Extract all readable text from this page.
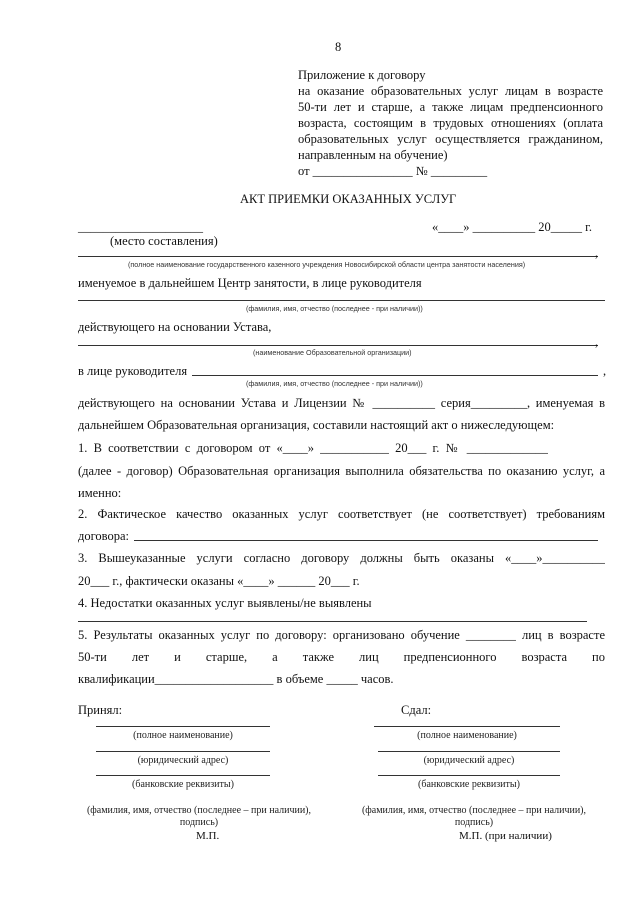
8
Приложение к договору
на оказание образовательных услуг лицам в возрасте
50-ти лет и старше, а также лицам предпенсионного
возраста, состоящим в трудовых отношениях (оплата
образовательных услуг осуществляется гражданином,
направленным на обучение)
от ________________ № _________
АКТ ПРИЕМКИ ОКАЗАННЫХ УСЛУГ
____________________	«____» __________ 20_____ г.
(место составления)
,
(полное наименование государственного казенного учреждения Новосибирской области центра занятости населения)
именуемое в дальнейшем Центр занятости, в лице руководителя
(фамилия, имя, отчество (последнее - при наличии))
действующего на основании Устава,
,
(наименование Образовательной организации)
в лице руководителя	,
(фамилия, имя, отчество (последнее - при наличии))
действующего на основании Устава и Лицензии № __________ серия_________, именуемая в
дальнейшем Образовательная организация, составили настоящий акт о нижеследующем:
1. В соответствии с договором от «____» ___________ 20___ г. № _____________
(далее - договор) Образовательная организация выполнила обязательства по оказанию услуг, а
именно:
2. Фактическое качество оказанных услуг соответствует (не соответствует) требованиям
договора:
3. Вышеуказанные услуги согласно договору должны быть оказаны «____»__________
20___ г., фактически оказаны «____» ______ 20___ г.
4. Недостатки оказанных услуг выявлены/не выявлены
5. Результаты оказанных услуг по договору: организовано обучение ________ лиц в возрасте
50-ти лет и старше, а также лиц предпенсионного возраста по
квалификации___________________ в объеме _____ часов.
Принял:	Сдал:
(полное наименование)
(юридический адрес)
(банковские реквизиты)
(фамилия, имя, отчество (последнее – при наличии),
подпись)
М.П.
(полное наименование)
(юридический адрес)
(банковские реквизиты)
(фамилия, имя, отчество (последнее – при наличии),
подпись)
М.П. (при наличии)
